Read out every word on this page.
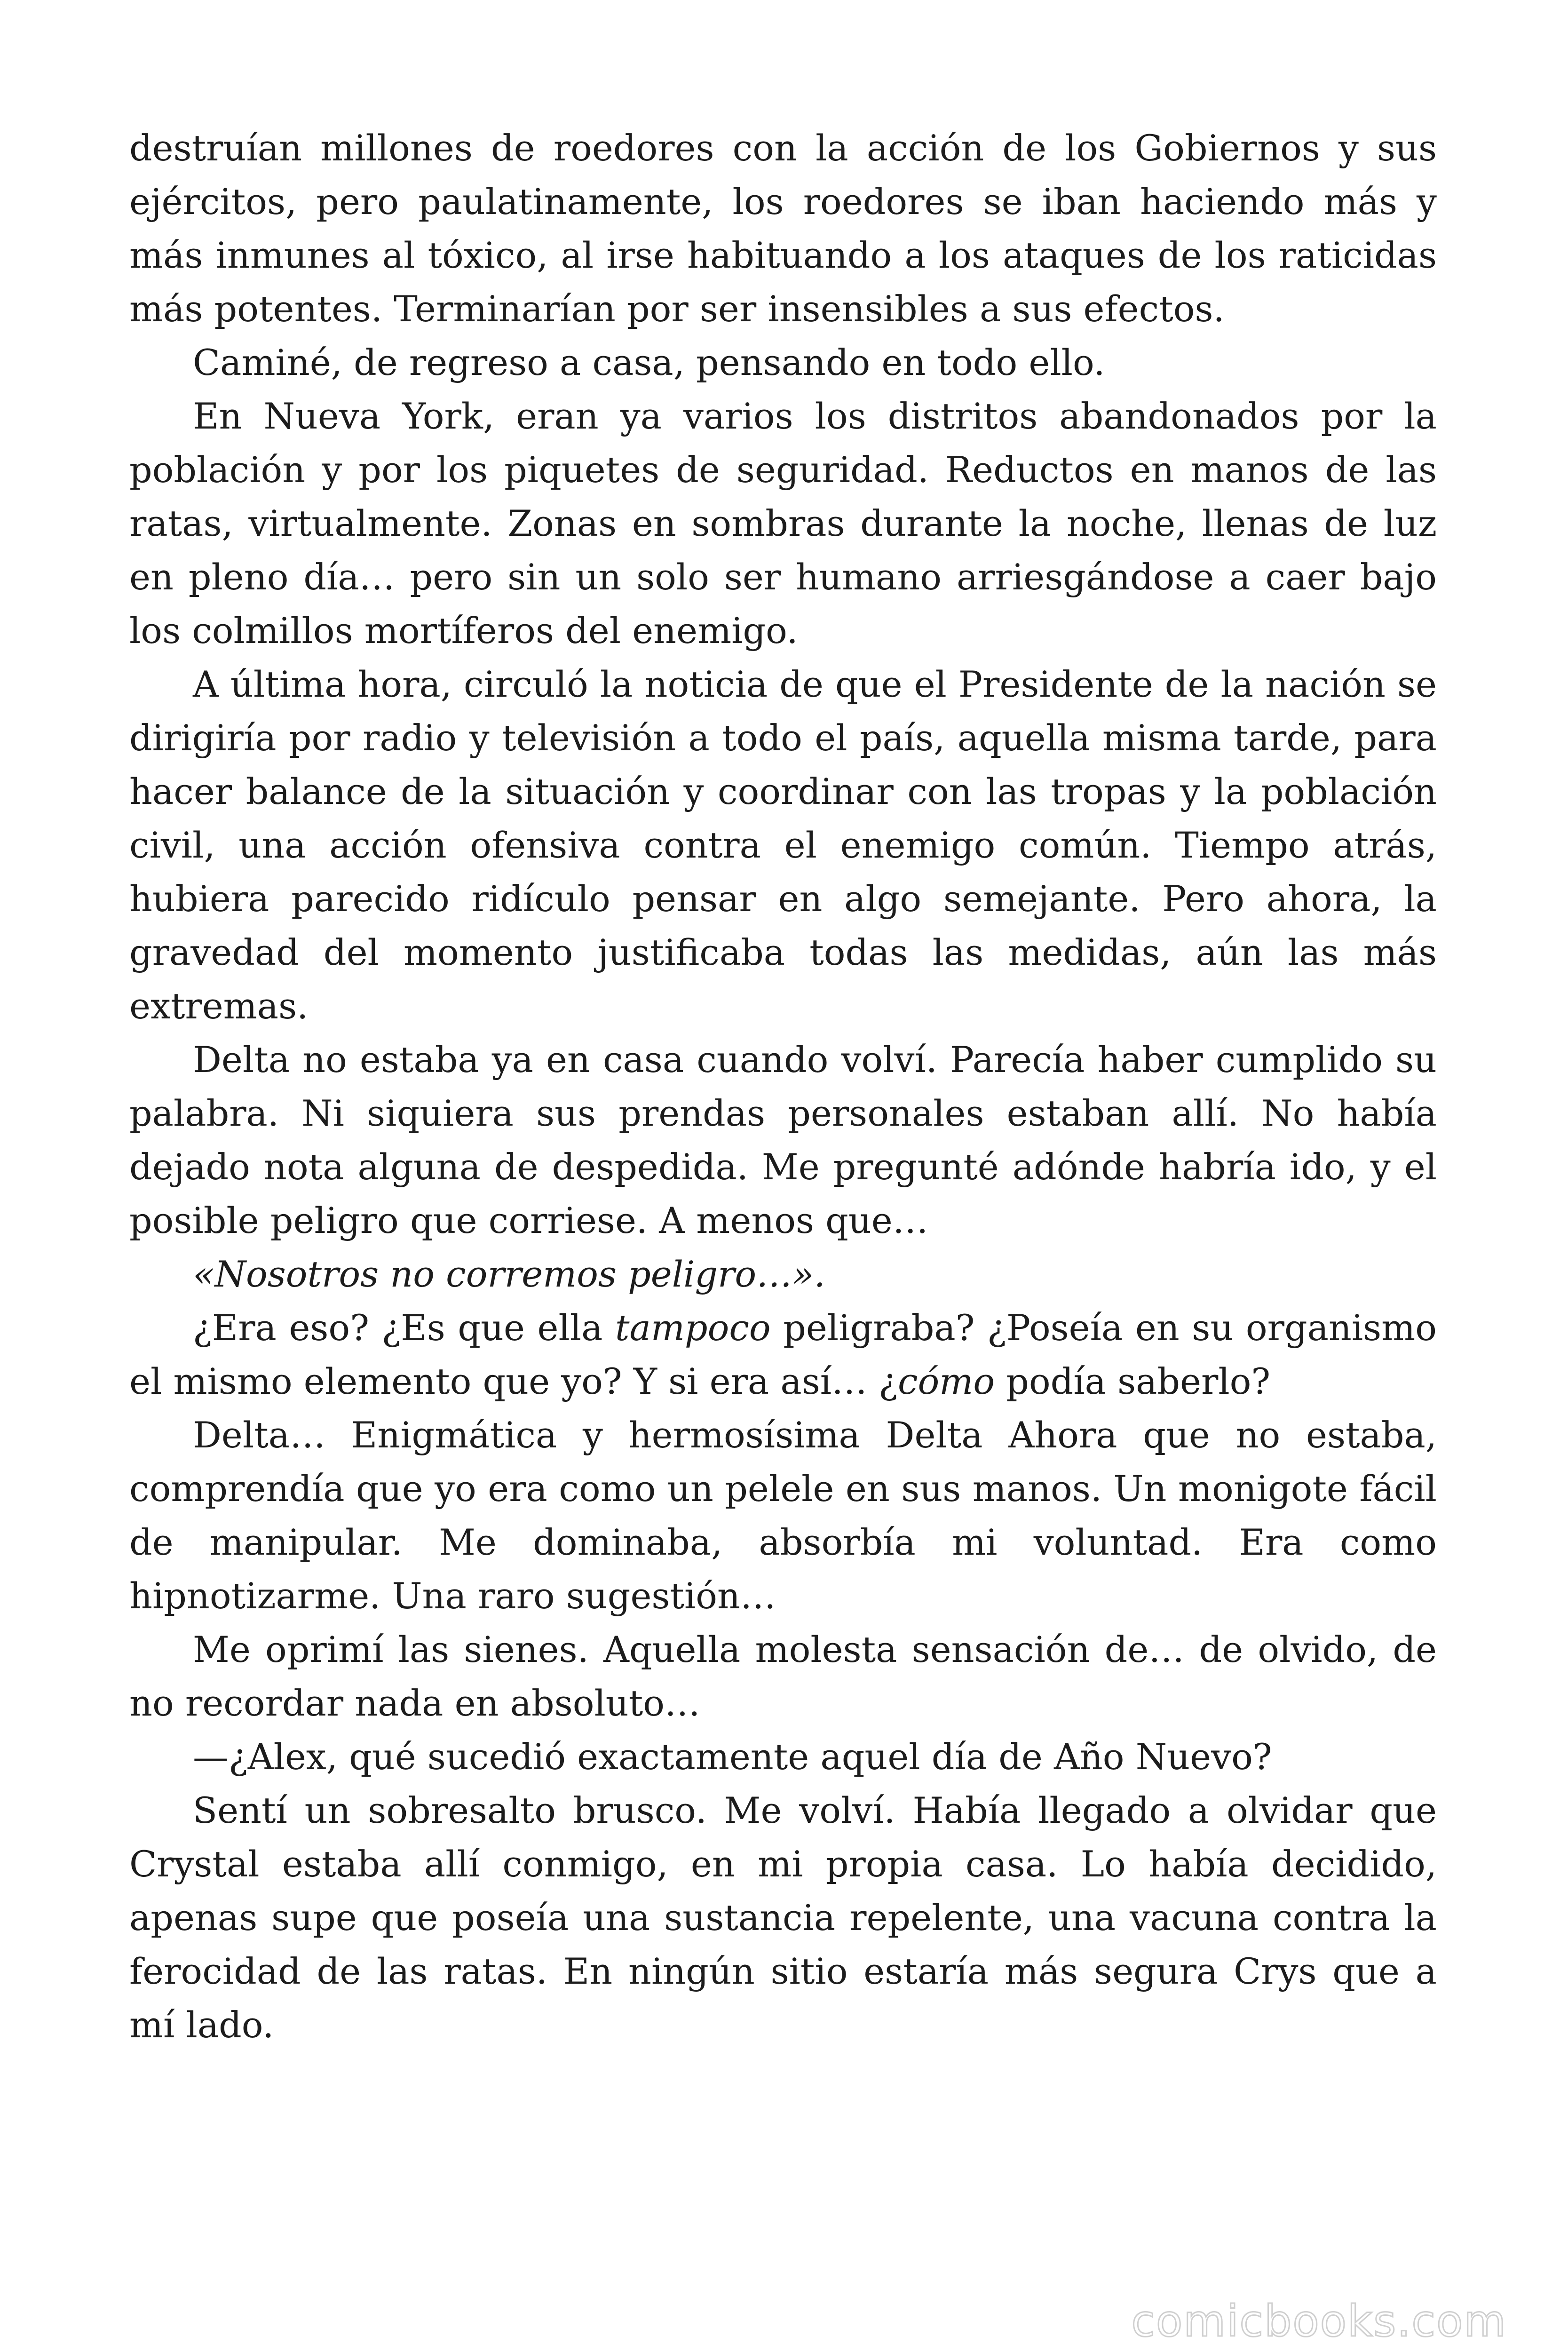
destruían millones de roedores con la acción de los Gobiernos y sus ejércitos, pero paulatinamente, los roedores se iban haciendo más y más inmunes al tóxico, al irse habituando a los ataques de los raticidas más potentes. Terminarían por ser insensibles a sus efectos.

Caminé, de regreso a casa, pensando en todo ello.

En Nueva York, eran ya varios los distritos abandonados por la población y por los piquetes de seguridad. Reductos en manos de las ratas, virtualmente. Zonas en sombras durante la noche, llenas de luz en pleno día… pero sin un solo ser humano arriesgándose a caer bajo los colmillos mortíferos del enemigo.

A última hora, circuló la noticia de que el Presidente de la nación se dirigiría por radio y televisión a todo el país, aquella misma tarde, para hacer balance de la situación y coordinar con las tropas y la población civil, una acción ofensiva contra el enemigo común. Tiempo atrás, hubiera parecido ridículo pensar en algo semejante. Pero ahora, la gravedad del momento justificaba todas las medidas, aún las más extremas.

Delta no estaba ya en casa cuando volví. Parecía haber cumplido su palabra. Ni siquiera sus prendas personales estaban allí. No había dejado nota alguna de despedida. Me pregunté adónde habría ido, y el posible peligro que corriese. A menos que…

«Nosotros no corremos peligro…».

¿Era eso? ¿Es que ella tampoco peligraba? ¿Poseía en su organismo el mismo elemento que yo? Y si era así… ¿cómo podía saberlo?

Delta… Enigmática y hermosísima Delta Ahora que no estaba, comprendía que yo era como un pelele en sus manos. Un monigote fácil de manipular. Me dominaba, absorbía mi voluntad. Era como hipnotizarme. Una raro sugestión…

Me oprimí las sienes. Aquella molesta sensación de… de olvido, de no recordar nada en absoluto…

—¿Alex, qué sucedió exactamente aquel día de Año Nuevo?

Sentí un sobresalto brusco. Me volví. Había llegado a olvidar que Crystal estaba allí conmigo, en mi propia casa. Lo había decidido, apenas supe que poseía una sustancia repelente, una vacuna contra la ferocidad de las ratas. En ningún sitio estaría más segura Crys que a mí lado.

comicbooks.com
